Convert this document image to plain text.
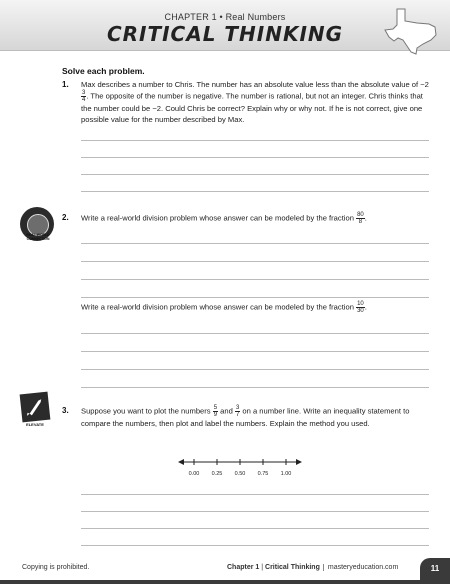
CHAPTER 1 • Real Numbers
CRITICAL THINKING
Solve each problem.
1. Max describes a number to Chris. The number has an absolute value less than the absolute value of −2
$\frac{3}{4}$ . The opposite of the number is negative. The number is rational, but not an integer. Chris thinks that the number could be −2. Could Chris be correct? Explain why or why not. If he is not correct, give one possible value for the number described by Max.
REAL-WORLD
CONNECTION
2. Write a real-world division problem whose answer can be modeled by the fraction $\frac{80}{8}$ .
Write a real-world division problem whose answer can be modeled by the fraction $\frac{10}{30}$ .
ELEVATE
3. Suppose you want to plot the numbers $\frac{5}{9}$ and $\frac{3}{7}$ on a number line. Write an inequality statement to compare the numbers, then plot and label the numbers. Explain the method you used.
0.00 0.25 0.50 0.75 1.00
Copying is prohibited.	Chapter 1 | Critical Thinking masteryeducation.com	11
